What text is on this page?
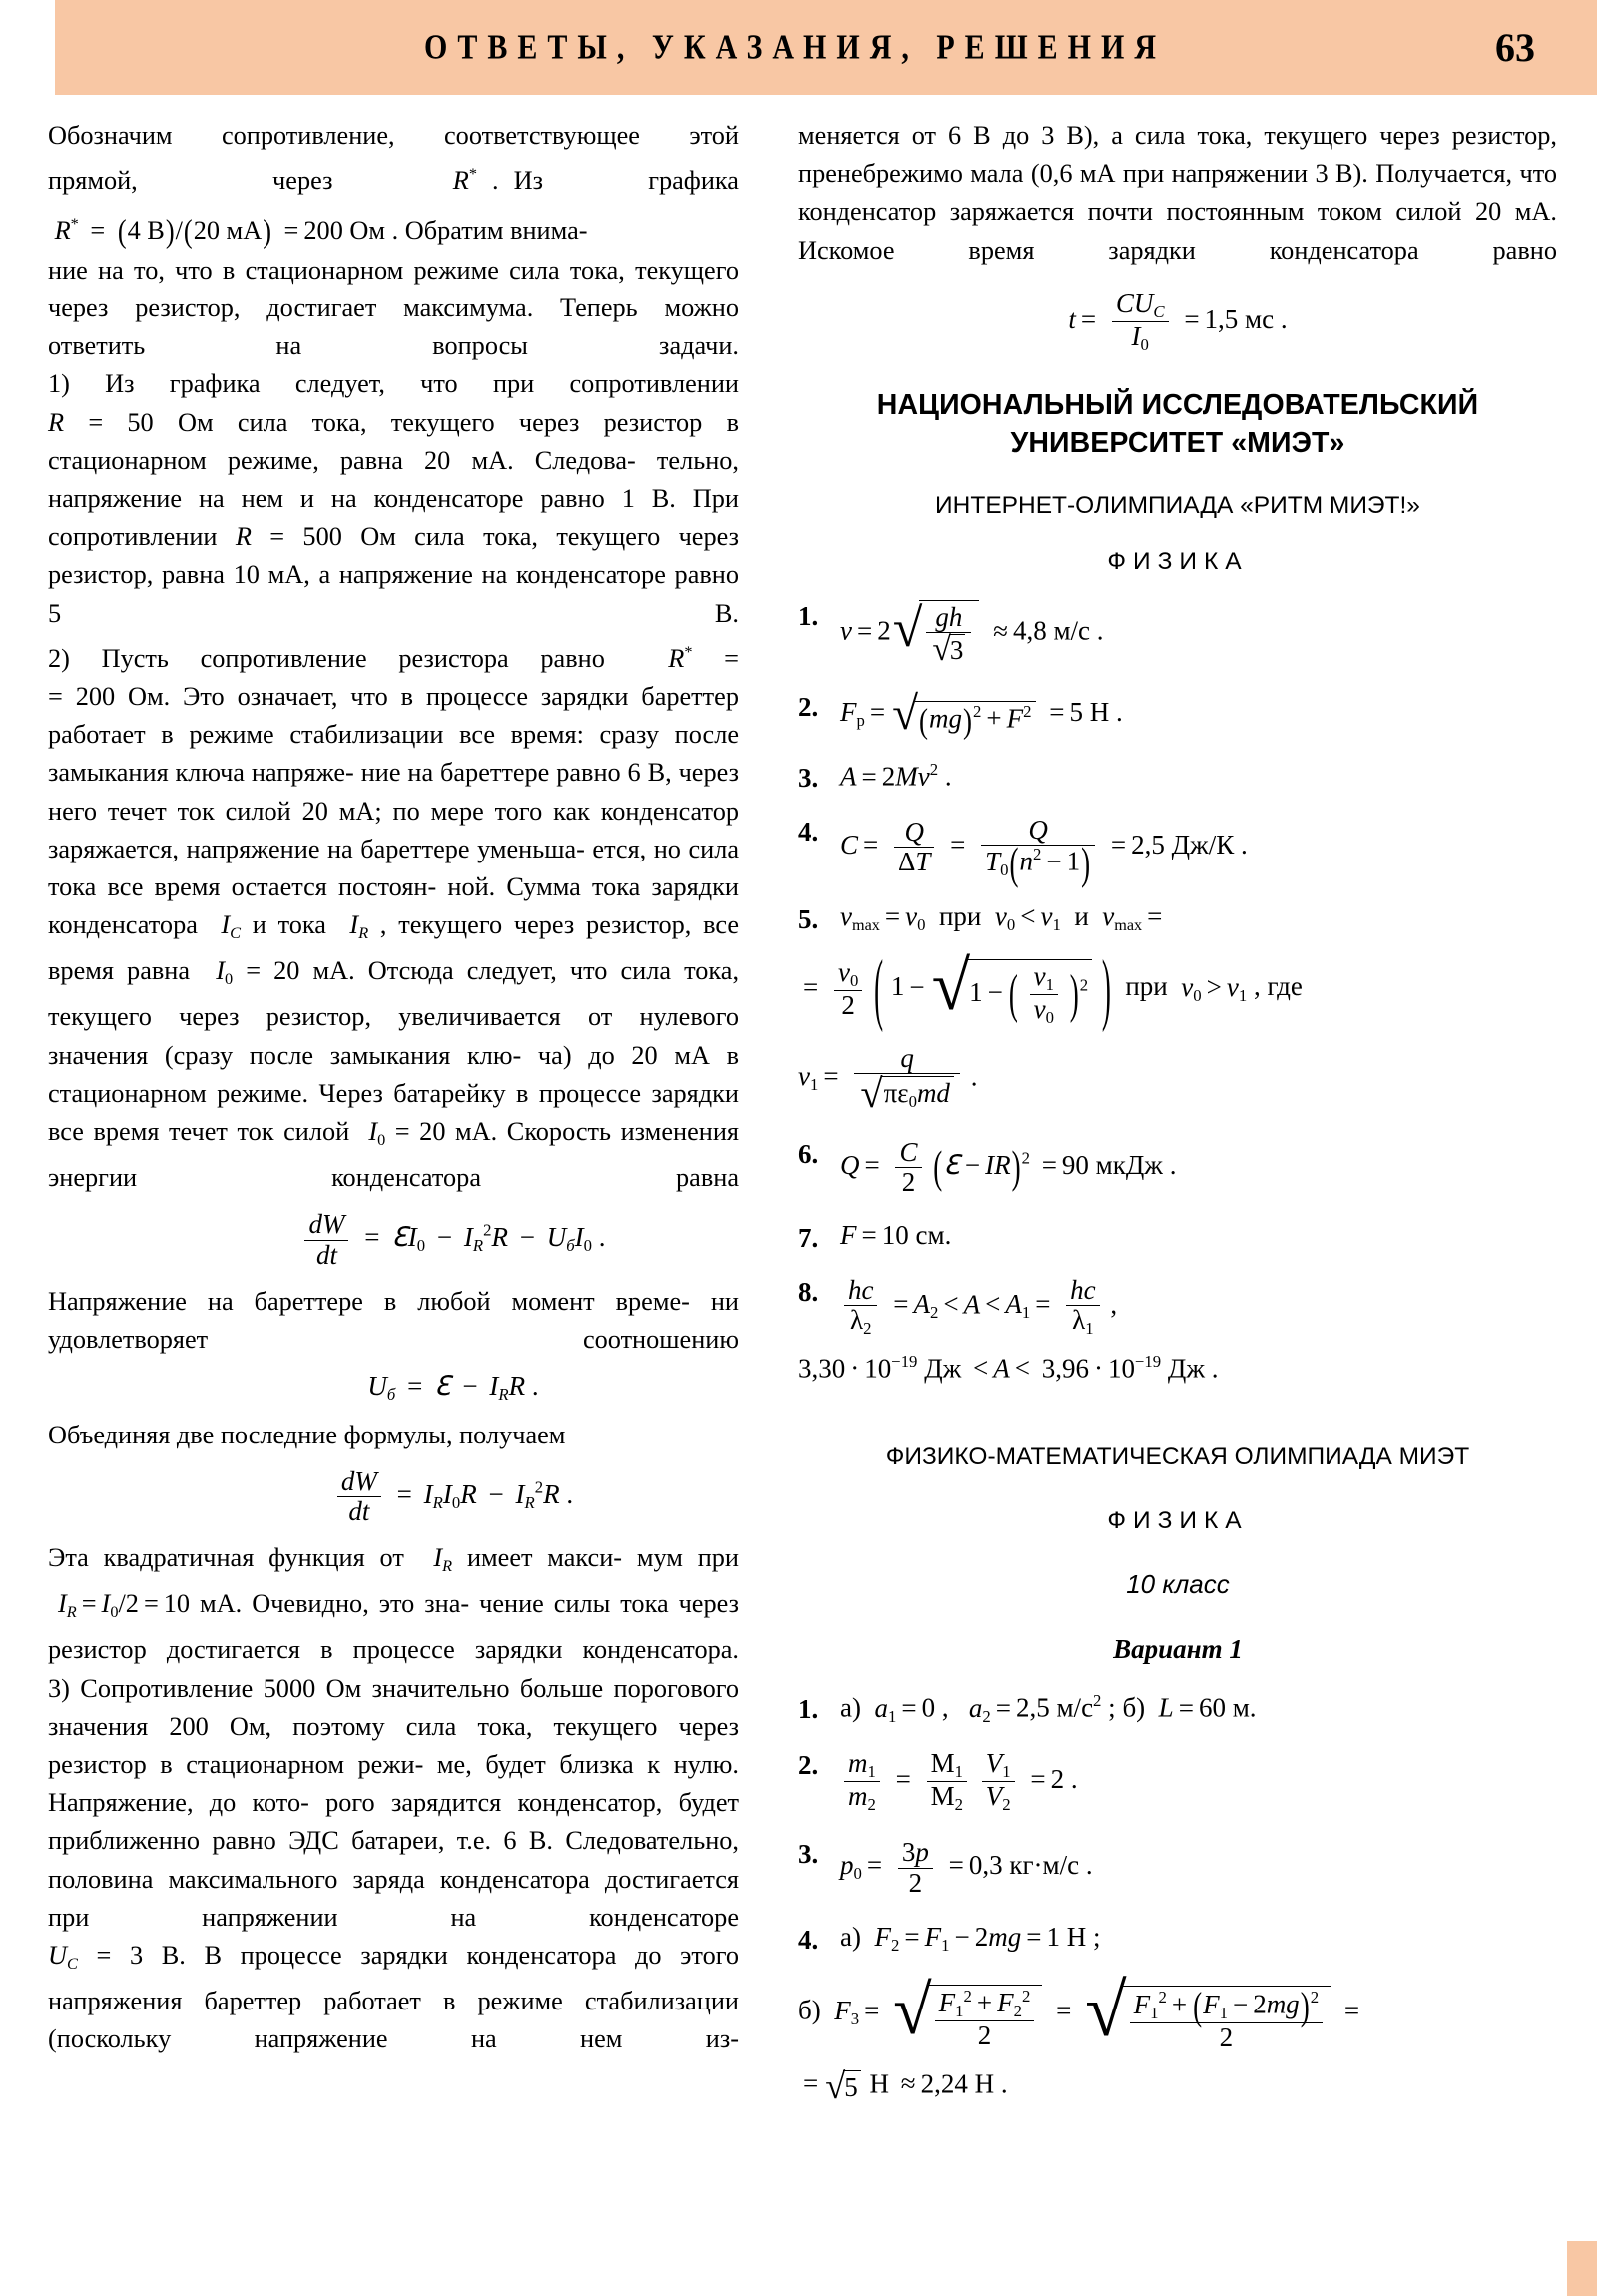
ОТВЕТЫ, УКАЗАНИЯ, РЕШЕНИЯ	63

Обозначим сопротивление, соответствующее этой

прямой,	через	R* . Из	графика

R* = (4 В)/(20 мА) = 200 Ом . Обратим внима-

ние на то, что в стационарном режиме сила тока, текущего через резистор, достигает максимума. Теперь можно ответить на вопросы задачи.

1) Из графика следует, что при сопротивлении

R = 50 Ом сила тока, текущего через резистор в стационарном режиме, равна 20 мА. Следова- тельно, напряжение на нем и на конденсаторе равно 1 В. При сопротивлении R = 500 Ом сила тока, текущего через резистор, равна 10 мА, а напряжение на конденсаторе равно 5 В.

2) Пусть сопротивление резистора равно R* =

= 200 Ом. Это означает, что в процессе зарядки бареттер работает в режиме стабилизации все время: сразу после замыкания ключа напряже- ние на бареттере равно 6 В, через него течет ток силой 20 мА; по мере того как конденсатор заряжается, напряжение на бареттере уменьша- ется, но сила тока все время остается постоян- ной. Сумма тока зарядки конденсатора $I_C$ и тока $I_R$ , текущего через резистор, все время равна $I_0 = 20$ мА. Отсюда следует, что сила тока, текущего через резистор, увеличивается от нулевого значения (сразу после замыкания клю- ча) до 20 мА в стационарном режиме. Через батарейку в процессе зарядки все время течет ток силой $I_0 = 20$ мА. Скорость изменения энергии конденсатора равна

$\frac{dW}{dt}$ = ℇI$_0$ − $I_R^2R - U_бI_0$ .

Напряжение на бареттере в любой момент време- ни удовлетворяет соотношению

$U_б$ = ℇ − $I_RR$ .

Объединяя две последние формулы, получаем

$\frac{dW}{dt} = I_RI_0R - I_R^2R$ .

Эта квадратичная функция от $I_R$ имеет макси- мум при  $I_R = I_0/2 = 10$ мА. Очевидно, это зна- чение силы тока через резистор достигается в процессе зарядки конденсатора.

3) Сопротивление 5000 Ом значительно больше порогового значения 200 Ом, поэтому сила тока, текущего через резистор в стационарном режи- ме, будет близка к нулю. Напряжение, до кото- рого зарядится конденсатор, будет приближенно равно ЭДС батареи, т.е. 6 В. Следовательно, половина максимального заряда конденсатора достигается при напряжении на конденсаторе
$U_C = 3$ В. В процессе зарядки конденсатора до этого напряжения бареттер работает в режиме стабилизации (поскольку напряжение на нем из-

меняется от 6 В до 3 В), а сила тока, текущего через резистор, пренебрежимо мала (0,6 мА при напряжении 3 В). Получается, что конденсатор заряжается почти постоянным током силой 20 мА. Искомое время зарядки конденсатора равно

$t = \frac{CU_C}{I_0} = 1,5$ мс .
НАЦИОНАЛЬНЫЙ ИССЛЕДОВАТЕЛЬСКИЙ
УНИВЕРСИТЕТ «МИЭТ»
ИНТЕРНЕТ-ОЛИМПИАДА «РИТМ МИЭТ!»
ФИЗИКА
1. $v = 2√ \frac{gh}{√3} \approx 4,8$ м/с .
2. $F_р = √(mg)^2 + F^2 = 5$ Н .
3. $A = 2Mv^2$ .
4. $C = \frac{Q}{\Delta T} = \frac{Q}{T_0(n^2 - 1)} = 2,5$ Дж/К .
5. $v_{max} = v_0$ при $v_0 < v_1$ и $v_{max}$ =
= $\frac{v_0}{2}$ ( 1 −√1 − ( $\frac{v_1}{v_0} )^2$ ) при $v_0 > v_1$ , где
$v_1 = \frac{q}{√\pi\varepsilon_0md}$ .
6. $Q = \frac{C}{2}$ (ℇ − IR)$^2$ = 90 мкДж .
7. F = 10 см.
8. $\frac{hc}{\lambda_2} = A_2 < A < A_1 = \frac{hc}{\lambda_1}$ ,
$3,30 \cdot 10^{-19}$ Дж < $A < 3,96 \cdot 10^{-19}$ Дж .
ФИЗИКО-МАТЕМАТИЧЕСКАЯ ОЛИМПИАДА МИЭТ
ФИЗИКА
10 класс
Вариант 1
1. а) $a_1 = 0$ ,   $a_2 = 2,5$ $м/с^2$ ; б) L = 60 м.
2. $\frac{m_1}{m_2} = \frac{М_1}{М_2}$
$\frac{V_1}{V_2} = 2$ .
3. $p_0 = \frac{3p}{2} = 0,3$ кг·м/с .
4. а) $F_2 = F_1 - 2mg = 1$ Н ;
б) $F_3$ = √ $\frac{F_1^2 + F_2^2}{2}$ = √ $\frac{F_1^2 + (F_1 - 2mg)^2}{2}$ =
= √5 Н ≈ 2,24 Н .
